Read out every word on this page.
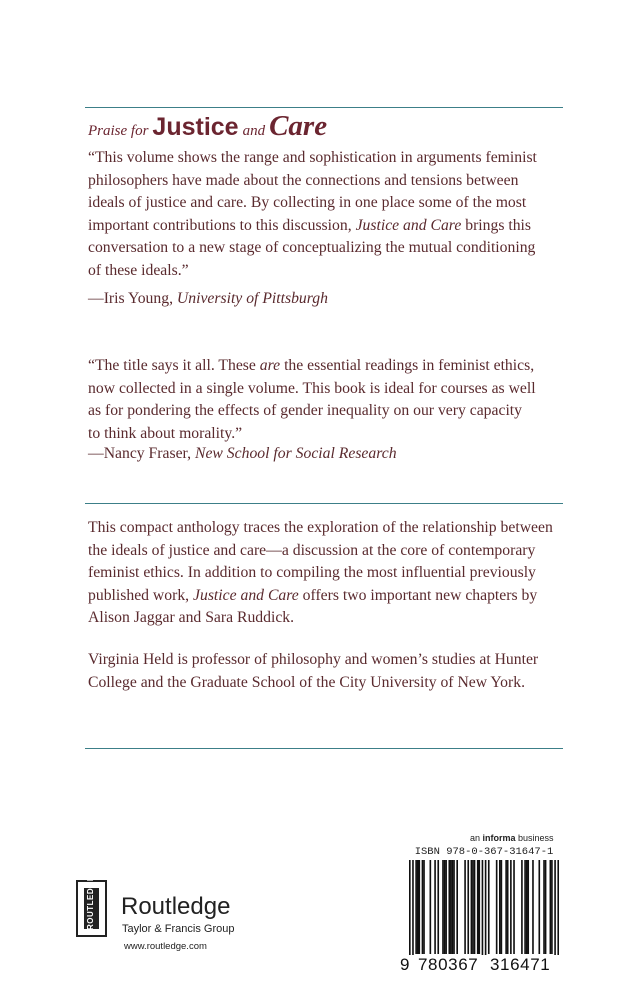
Praise for Justice and Care
“This volume shows the range and sophistication in arguments feminist
philosophers have made about the connections and tensions between
ideals of justice and care. By collecting in one place some of the most
important contributions to this discussion, Justice and Care brings this
conversation to a new stage of conceptualizing the mutual conditioning
of these ideals.”
—Iris Young, University of Pittsburgh
“The title says it all. These are the essential readings in feminist ethics,
now collected in a single volume. This book is ideal for courses as well
as for pondering the effects of gender inequality on our very capacity
to think about morality.”
—Nancy Fraser, New School for Social Research
This compact anthology traces the exploration of the relationship between
the ideals of justice and care—a discussion at the core of contemporary
feminist ethics. In addition to compiling the most influential previously
published work, Justice and Care offers two important new chapters by
Alison Jaggar and Sara Ruddick.
Virginia Held is professor of philosophy and women’s studies at Hunter
College and the Graduate School of the City University of New York.
ROUTLEDGE Routledge
Taylor & Francis Group
www.routledge.com
an informa business
ISBN 978-0-367-31647-1
9 780367 316471
